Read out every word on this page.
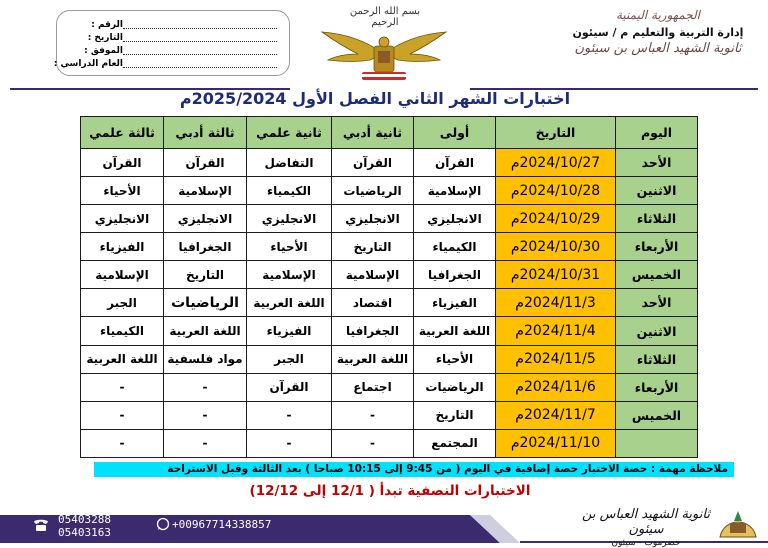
الرقم :
التاريخ :
الموفق :
العام الدراسي :
بسم الله الرحمن الرحيم
الجمهورية اليمنية
إدارة التربية والتعليم م / سيئون
ثانوية الشهيد العباس بن سيئون
اختبارات الشهر الثاني الفصل الأول 2025/2024م
اليوم	التاريخ	أولى	ثانية أدبي	ثانية علمي	ثالثة أدبي	ثالثة علمي
الأحد	2024/10/27م	القرآن	القرآن	التفاضل	القرآن	القرآن
الاثنين	2024/10/28م	الإسلامية	الرياضيات	الكيمياء	الإسلامية	الأحياء
الثلاثاء	2024/10/29م	الانجليزي	الانجليزي	الانجليزي	الانجليزي	الانجليزي
الأربعاء	2024/10/30م	الكيمياء	التاريخ	الأحياء	الجغرافيا	الفيزياء
الخميس	2024/10/31م	الجغرافيا	الإسلامية	الإسلامية	التاريخ	الإسلامية
الأحد	2024/11/3م	الفيزياء	اقتصاد	اللغة العربية	الرياضيات	الجبر
الاثنين	2024/11/4م	اللغة العربية	الجغرافيا	الفيزياء	اللغة العربية	الكيمياء
الثلاثاء	2024/11/5م	الأحياء	اللغة العربية	الجبر	مواد فلسفية	اللغة العربية
الأربعاء	2024/11/6م	الرياضيات	اجتماع	القرآن	-	-
الخميس	2024/11/7م	التاريخ	-	-	-	-
	2024/11/10م	المجتمع	-	-	-	-
ملاحظة مهمة : حصة الاختبار حصة إضافية في اليوم ( من 9:45 إلى 10:15 صباحا ) بعد الثالثة وقبل الاستراحة
الاختبارات النصفية تبدأ ( 12/1 إلى 12/12)
05403288
05403163
+00967714338857
ثانوية الشهيد العباس بن سيئون
حضرموت - سيئون
